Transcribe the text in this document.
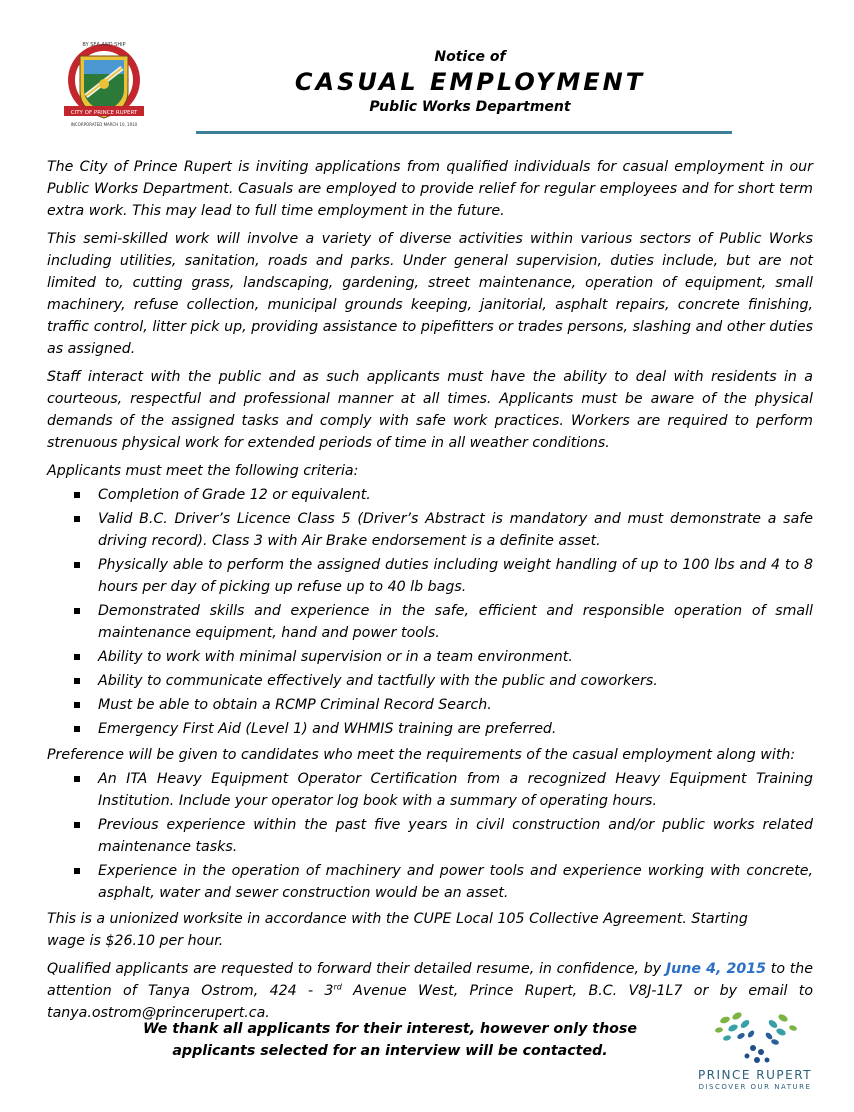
BY SEA AND SHIP
CITY OF PRINCE RUPERT
INCORPORATED MARCH 10, 1910
Notice of
CASUAL EMPLOYMENT
Public Works Department

The City of Prince Rupert is inviting applications from qualified individuals for casual employment in our Public Works Department. Casuals are employed to provide relief for regular employees and for short term extra work. This may lead to full time employment in the future.

This semi-skilled work will involve a variety of diverse activities within various sectors of Public Works including utilities, sanitation, roads and parks. Under general supervision, duties include, but are not limited to, cutting grass, landscaping, gardening, street maintenance, operation of equipment, small machinery, refuse collection, municipal grounds keeping, janitorial, asphalt repairs, concrete finishing, traffic control, litter pick up, providing assistance to pipefitters or trades persons, slashing and other duties as assigned.

Staff interact with the public and as such applicants must have the ability to deal with residents in a courteous, respectful and professional manner at all times. Applicants must be aware of the physical demands of the assigned tasks and comply with safe work practices. Workers are required to perform strenuous physical work for extended periods of time in all weather conditions.

Applicants must meet the following criteria:

Completion of Grade 12 or equivalent.
Valid B.C. Driver’s Licence Class 5 (Driver’s Abstract is mandatory and must demonstrate a safe driving record). Class 3 with Air Brake endorsement is a definite asset.
Physically able to perform the assigned duties including weight handling of up to 100 lbs and 4 to 8 hours per day of picking up refuse up to 40 lb bags.
Demonstrated skills and experience in the safe, efficient and responsible operation of small maintenance equipment, hand and power tools.
Ability to work with minimal supervision or in a team environment.
Ability to communicate effectively and tactfully with the public and coworkers.
Must be able to obtain a RCMP Criminal Record Search.
Emergency First Aid (Level 1) and WHMIS training are preferred.

Preference will be given to candidates who meet the requirements of the casual employment along with:

An ITA Heavy Equipment Operator Certification from a recognized Heavy Equipment Training Institution. Include your operator log book with a summary of operating hours.
Previous experience within the past five years in civil construction and/or public works related maintenance tasks.
Experience in the operation of machinery and power tools and experience working with concrete, asphalt, water and sewer construction would be an asset.

This is a unionized worksite in accordance with the CUPE Local 105 Collective Agreement. Starting
wage is $26.10 per hour.

Qualified applicants are requested to forward their detailed resume, in confidence, by June 4, 2015 to the attention of Tanya Ostrom, 424 - 3rd Avenue West, Prince Rupert, B.C. V8J-1L7 or by email to tanya.ostrom@princerupert.ca.

We thank all applicants for their interest, however only those
applicants selected for an interview will be contacted.
PRINCE RUPERT
DISCOVER OUR NATURE
